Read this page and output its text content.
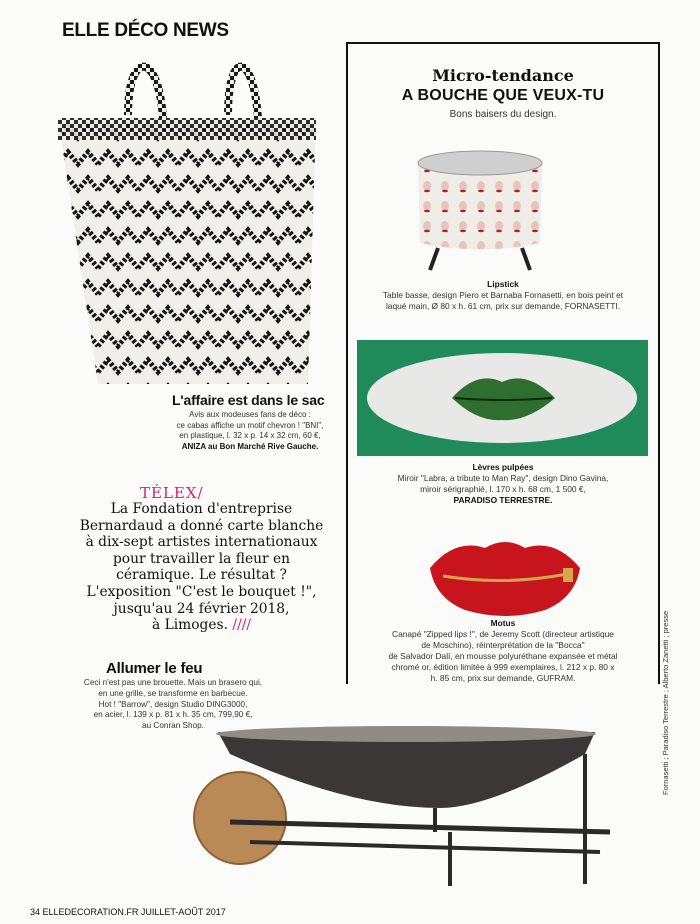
ELLE DÉCO NEWS
L'affaire est dans le sac
Avis aux modeuses fans de déco :
ce cabas affiche un motif chevron ! "BNI",
en plastique, l. 32 x p. 14 x 32 cm, 60 €,
ANIZA au Bon Marché Rive Gauche.
TÉLEX/
La Fondation d'entreprise
Bernardaud a donné carte blanche
à dix-sept artistes internationaux
pour travailler la fleur en
céramique. Le résultat ?
L'exposition "C'est le bouquet !",
jusqu'au 24 février 2018,
à Limoges. ////
Allumer le feu
Ceci n'est pas une brouette. Mais un brasero qui,
en une grille, se transforme en barbecue.
Hot ! "Barrow", design Studio DING3000,
en acier, l. 139 x p. 81 x h. 35 cm, 799,90 €,
au Conran Shop.
Micro-tendance
A BOUCHE QUE VEUX-TU
Bons baisers du design.
Lipstick
Table basse, design Piero et Barnaba Fornasetti, en bois peint et
laqué main, Ø 80 x h. 61 cm, prix sur demande, FORNASETTI.
Lèvres pulpées
Miroir "Labra, a tribute to Man Ray", design Dino Gavina,
miroir sérigraphié, l. 170 x h. 68 cm, 1 500 €,
PARADISO TERRESTRE.
Motus
Canapé "Zipped lips !", de Jeremy Scott (directeur artistique
de Moschino), réinterprétation de la "Bocca"
de Salvador Dalí, en mousse polyuréthane expansée et métal
chromé or, édition limitée à 999 exemplaires, l. 212 x p. 80 x
h. 85 cm, prix sur demande, GUFRAM.
34 ELLEDECORATION.FR JUILLET-AOÛT 2017
Fornasetti ; Paradiso Terrestre ; Alberto Zanetti ; presse
